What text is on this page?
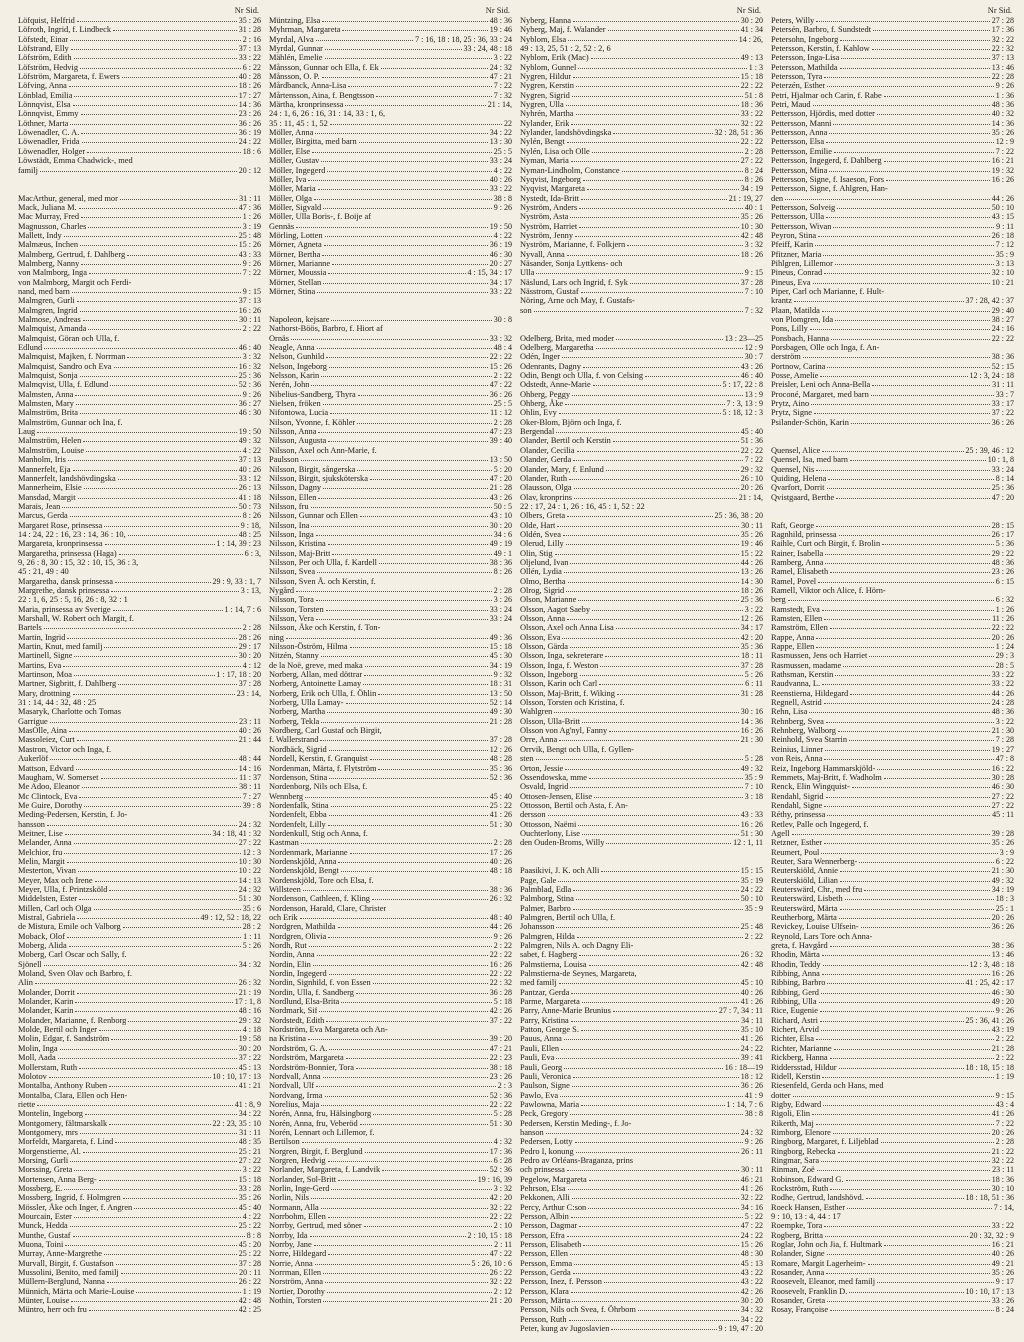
Nr Sid.
Löfquist, Helfrid	35 : 26
Löfroth, Ingrid, f. Lindbeck	31 : 28
Löfstedt, Einar	2 : 16
Löfstrand, Elly	37 : 13
Löfström, Edith	33 : 22
Löfström, Hedvig	6 : 22
Löfström, Margareta, f. Ewers	40 : 28
Löfving, Anna	18 : 26
Lönblad, Emilia	17 : 27
Lönnqvist, Elsa	14 : 36
Lönnqvist, Emmy	23 : 26
Löthner, Marta	36 : 26
Löwenadler, C. A.	36 : 19
Löwenadler, Frida	24 : 22
Löwenadler, Holger	18 : 6
Löwstädt, Emma Chadwick-, med
familj	20 : 12
MacArthur, general, med mor	31 : 11
Mack, Juliana M.	47 : 36
Mac Murray, Fred	1 : 26
Magnusson, Charles	3 : 19
Mallett, Indy	25 : 48
Malmæus, Inchen	15 : 26
Malmberg, Gertrud, f. Dahlberg	43 : 33
Malmberg, Nanny	9 : 26
von Malmborg, Inga	7 : 22
von Malmborg, Margit och Ferdi-
nand, med barn	9 : 15
Malmgren, Gurli	37 : 13
Malmgren, Ingrid	16 : 26
Malmose, Andreas	30 : 11
Malmquist, Amanda	2 : 22
Malmquist, Göran och Ulla, f.
Edlund	46 : 40
Malmquist, Majken, f. Norrman	3 : 32
Malmquist, Sandro och Eva	16 : 32
Malmquist, Sonja	25 : 36
Malmqvist, Ulla, f. Edlund	52 : 36
Malmsten, Anna	9 : 26
Malmsten, Mary	36 : 27
Malmström, Brita	46 : 30
Malmström, Gunnar och Ina, f.
Laug	19 : 50
Malmström, Helen	49 : 32
Malmström, Louise	4 : 22
Manholm, Iris	37 : 13
Mannerfelt, Eja	40 : 26
Mannerfelt, landshövdingska	33 : 12
Mannerheim, Elsie	26 : 13
Mansdad, Margit	41 : 18
Marais, Jean	50 : 73
Marcus, Gerda	8 : 26
Margaret Rose, prinsessa	9 : 18,
14 : 24, 22 : 16, 23 : 14, 36 : 10,	48 : 25
Margareta, kronprinsessa	1 : 14, 39 : 23
Margaretha, prinsessa (Haga)	6 : 3,
9, 26 : 8, 30 : 15, 32 : 10, 15, 36 : 3,
45 : 21, 49 : 40
Margaretha, dansk prinsessa	29 : 9, 33 : 1, 7
Margrethe, dansk prinsessa	3 : 13,
22 : 1, 6, 25 : 5, 16, 26 : 8, 32 : 1
Maria, prinsessa av Sverige	1 : 14, 7 : 6
Marshall, W. Robert och Margit, f.
Bartels	2 : 28
Martin, Ingrid	28 : 26
Martin, Knut, med familj	29 : 17
Martinell, Signe	30 : 20
Martins, Eva	4 : 12
Martinson, Moa	1 : 17, 18 : 20
Martner, Sigbritt, f. Dahlberg	37 : 28
Mary, drottning	23 : 14,
31 : 14, 44 : 32, 48 : 25
Masaryk, Charlotte och Tomas
Garrigue	23 : 11
MasOlle, Aina	40 : 26
Massoleiez, Curt	21 : 44
Mastron, Victor och Inga, f.
Aukerlöf	48 : 44
Mattson, Edvard	14 : 16
Maugham, W. Somerset	11 : 37
Me Adoo, Eleanor	38 : 11
Mc Clintock, Eva	7 : 27
Me Guire, Dorothy	39 : 8
Meding-Pedersen, Kerstin, f. Jo-
hansson	24 : 32
Meitner, Lise	34 : 18, 41 : 32
Melander, Anna	27 : 22
Melchior, fru	12 : 3
Melin, Margit	10 : 30
Mesterton, Vivan	10 : 22
Meyer, Max och Irene	14 : 13
Meyer, Ulla, f. Printzsköld	24 : 32
Middelsten, Ester	51 : 30
Millen, Carl och Olga	35 : 6
Mistral, Gabriela	49 : 12, 52 : 18, 22
de Mistura, Emile och Valborg	28 : 2
Moback, Olof	1 : 11
Moberg, Alida	5 : 26
Moberg, Carl Oscar och Sally, f.
Sjönell	34 : 32
Moland, Sven Olav och Barbro, f.
Alin	26 : 32
Molander, Dorrit	21 : 19
Molander, Karin	17 : 1, 8
Molander, Karin	48 : 16
Molander, Marianne, f. Renborg	29 : 32
Molde, Bertil och Inger	4 : 18
Molin, Edgar, f. Sandström	19 : 58
Molin, Inga	30 : 20
Moll, Aada	37 : 22
Mollerstam, Ruth	45 : 13
Molotov	10 : 10, 17 : 13
Montalba, Anthony Ruben	41 : 21
Montalba, Clara, Ellen och Hen-
riette	41 : 8, 9
Montelin, Ingeborg	34 : 22
Montgomery, fältmarskalk	22 : 23, 35 : 10
Montgomery, mrs	31 : 11
Morfeldt, Margareta, f. Lind	48 : 35
Morgenstierne, Al.	25 : 21
Morsing, Gurli	27 : 22
Morssing, Greta	3 : 22
Mortensen, Anna Berg-	15 : 18
Mossberg, E.	33 : 28
Mossberg, Ingrid, f. Holmgren	35 : 26
Mössler, Åke och Inger, f. Angren	45 : 40
Mourcain, Ester	4 : 22
Munck, Hedda	25 : 22
Munthe, Gustaf	8 : 8
Muona, Toini	45 : 20
Murray, Anne-Margrethe	25 : 22
Murvall, Birgit, f. Gustafson	37 : 28
Mussolini, Benito, med familj	20 : 11
Müllern-Berglund, Nanna	26 : 22
Münnich, Märta och Marie-Louise	1 : 19
Münter, Louise	42 : 48
Müntro, herr och fru	42 : 25
Nr Sid.
Müntzing, Elsa	48 : 36
Myhrman, Margareta	19 : 46
Myrdal, Alva	7 : 16, 18 : 18, 25 : 36, 33 : 24
Myrdal, Gunnar	33 : 24, 48 : 18
Mählén, Emelie	3 : 22
Månsson, Gunnar och Ella, f. Ek	24 : 32
Månsson, O. P.	47 : 21
Mårdbanck, Anna-Lisa	7 : 22
Mårtensson, Aina, f. Bengtsson	7 : 32
Märtha, kronprinsessa	21 : 14,
24 : 1, 6, 26 : 16, 31 : 14, 33 : 1, 6,
35 : 11, 45 : 1, 52	22
Möller, Anna	34 : 22
Möller, Birgitta, med barn	13 : 30
Möller, Else	25 : 5
Möller, Gustav	33 : 24
Möller, Ingegerd	4 : 22
Möller, Iva	40 : 26
Möller, Maria	33 : 22
Möller, Olga	38 : 8
Möller, Sigvald	9 : 26
Möller, Ulla Boris-, f. Boije af
Gennäs	19 : 50
Mörling, Lotten	4 : 22
Mörner, Agneta	36 : 19
Mörner, Bertha	46 : 30
Mörner, Marianne	20 : 27
Mörner, Moussia	4 : 15, 34 : 17
Mörner, Stellan	34 : 17
Mörner, Stina	33 : 22
Napoleon, kejsare	30 : 8
Nathorst-Böös, Barbro, f. Hiort af
Ornäs	33 : 32
Neagle, Anna	48 : 4
Nelson, Gunhild	22 : 22
Nelson, Ingeborg	15 : 26
Nelsson, Karin	2 : 22
Nerén, John	47 : 22
Nibelius-Sandberg, Thyra	36 : 26
Nielsen, fröken	25 : 5
Nifontowa, Lucia	11 : 12
Nilson, Yvonne, f. Köhler	2 : 28
Nilsson, Anna	47 : 23
Nilsson, Augusta	39 : 40
Nilsson, Axel och Ann-Marie, f.
Paulsson	13 : 50
Nilsson, Birgit, sångerska	5 : 20
Nilsson, Birgit, sjuksköterska	47 : 20
Nilsson, Dagny	21 : 28
Nilsson, Ellen	43 : 26
Nilsson, fru	50 : 5
Nilsson, Gunnar och Ellen	43 : 10
Nilsson, Ina	30 : 20
Nilsson, Inga	34 : 6
Nilsson, Kristina	49 : 19
Nilsson, Maj-Britt	49 : 1
Nilsson, Per och Ulla, f. Kardell	38 : 36
Nilsson, Svea	8 : 26
Nilsson, Sven Å. och Kerstin, f.
Nygård	2 : 28
Nilsson, Tora	3 : 26
Nilsson, Torsten	33 : 24
Nilsson, Vera	33 : 24
Nilsson, Åke och Kerstin, f. Ton-
ning	49 : 36
Nilsson-Öström, Hilma	15 : 18
Nitzén, Stanny	45 : 30
de la Noë, greve, med maka	34 : 19
Norberg, Allan, med döttrar	9 : 32
Norberg, Antoinette Lamay	18 : 31
Norberg, Erik och Ulla, f. Öhlin	13 : 50
Norberg, Ulla Lamay-	52 : 14
Norberg, Martha	49 : 30
Norberg, Tekla	21 : 28
Nordberg, Carl Gustaf och Birgit,
f. Wallerstrand	37 : 28
Nordbäck, Sigrid	12 : 26
Nordell, Kerstin, f. Granquist	48 : 28
Nordenman, Märta, f. Flytström	35 : 36
Nordenson, Stina	52 : 36
Nordenborg, Nils och Elsa, f.
Wennberg	45 : 40
Nordenfalk, Stina	25 : 22
Nordenfelt, Ebba	41 : 26
Nordenfelt, Lilly	51 : 30
Nordenkull, Stig och Anna, f.
Kastman	2 : 28
Nordenmark, Marianne	17 : 26
Nordenskjöld, Anna	40 : 26
Nordenskjöld, Bengt	48 : 18
Nordenskjöld, Tore och Elsa, f.
Willsteen	38 : 36
Nordenson, Cathleen, f. Kling	26 : 32
Nordenson, Harald, Clare, Christer
och Erik	48 : 40
Nordgren, Mathilda	44 : 26
Nordgren, Olivia	9 : 26
Nordh, Rut	2 : 22
Nordin, Anna	22 : 22
Nordin, Elin	16 : 26
Nordin, Ingegerd	22 : 22
Nordin, Signhild, f. von Essen	22 : 32
Nordin, Ulla, f. Sandberg	36 : 28
Nordlund, Elsa-Brita	5 : 18
Nordmark, Sif	42 : 26
Nordstedt, Edith	37 : 22
Nordström, Eva Margareta och An-
na Kristina	39 : 20
Nordström, G. A.	47 : 21
Nordström, Margareta	22 : 23
Nordström-Bonnier, Tora	38 : 18
Nordvall, Anna	23 : 26
Nordvall, Ulf	2 : 3
Nordvang, Irma	52 : 36
Norelius, Maja	22 : 22
Norén, Anna, fru, Hälsingborg	5 : 28
Norén, Anna, fru, Veberöd	51 : 30
Norén, Lennart och Lillemor, f.
Bertilson	4 : 32
Norgren, Birgit, f. Berglund	17 : 36
Norgren, Hedvig	6 : 28
Norlander, Margareta, f. Landvik	52 : 36
Norlander, Sol-Britt	19 : 16, 39
Norlin, Inge-Gerd	3 : 32
Norlin, Nils	42 : 20
Normann, Alla	32 : 22
Norrbohm, Ellen	22 : 22
Norrby, Gertrud, med söner	2 : 10
Norrby, Ida	2 : 10, 15 : 18
Norrby, Jane	2 : 11
Norre, Hildegard	47 : 22
Norrie, Anna	5 : 26, 10 : 6
Norrman, Ellen	26 : 22
Norström, Anna	32 : 22
Nortier, Dorothy	2 : 12
Nothin, Torsten	21 : 20
Nr Sid.
Nyberg, Hanna	30 : 20
Nyberg, Maj, f. Walander	41 : 34
Nyblom, Elsa	14 : 26,
49 : 13, 25, 51 : 2, 52 : 2, 6
Nyblom, Erik (Mac)	49 : 13
Nyblom, Gunnel	1 : 3
Nygren, Hildur	15 : 18
Nygren, Kerstin	22 : 22
Nygren, Sigrid	51 : 8
Nygren, Ulla	18 : 36
Nyhrén, Martha	33 : 22
Nylander, Erik	32 : 22
Nylander, landshövdingska	32 : 28, 51 : 36
Nylén, Bengt	22 : 22
Nylén, Lisa och Olle	2 : 28
Nyman, Maria	27 : 22
Nyman-Lindholm, Constance	8 : 24
Nyqvist, Ingeborg	8 : 26
Nyqvist, Margareta	34 : 19
Nystedt, Ida-Britt	21 : 19, 27
Nyström, Anders	40 : 1
Nyström, Asta	35 : 26
Nyström, Harriet	10 : 30
Nyström, Jenny	42 : 48
Nyström, Marianne, f. Folkjern	3 : 32
Nyvall, Anna	18 : 26
Näsander, Sonja Lyttkens- och
Ulla	9 : 15
Näslund, Lars och Ingrid, f. Syk	37 : 28
Nässtrom, Gustaf	7 : 10
Nöring, Arne och May, f. Gustafs-
son	7 : 32
Odelberg, Brita, med moder	13 : 23—25
Odelberg, Margaretha	12 : 9
Odén, Inger	30 : 7
Odenrants, Dagny	43 : 26
Odin, Bengt och Ulla, f. von Celsing	46 : 40
Odstedt, Anne-Marie	5 : 17, 22 : 8
Ohberg, Peggy	13 : 9
Ohberg, Åke	7 : 3, 13 : 9
Ohlin, Evy	5 : 18, 12 : 3
Oker-Blom, Björn och Inga, f.
Bergendal	45 : 40
Olander, Bertil och Kerstin	51 : 36
Olander, Cecilia	22 : 22
Olander, Gerda	7 : 22
Olander, Mary, f. Enlund	29 : 32
Olander, Ruth	26 : 10
Olausson, Olga	20 : 26
Olav, kronprins	21 : 14,
22 : 17, 24 : 1, 26 : 16, 45 : 1, 52 : 22
Olbers, Greta	25 : 36, 38 : 20
Olde, Hart	30 : 11
Oldén, Svea	35 : 26
Olerud, Lilly	19 : 46
Olin, Stig	15 : 22
Oljelund, Ivan	44 : 26
Ollén, Lydia	13 : 26
Olmo, Bertha	14 : 30
Olrog, Sigrid	18 : 26
Olson, Marianne	25 : 36
Olsson, Aagot Saeby	3 : 22
Olsson, Anna	12 : 26
Olsson, Axel och Anna Lisa	34 : 17
Olsson, Eva	42 : 20
Olsson, Gärda	35 : 36
Olsson, Inga, sekreterare	18 : 11
Olsson, Inga, f. Weston	37 : 28
Olsson, Ingeborg	5 : 26
Olsson, Karin och Carl	6 : 11
Olsson, Maj-Britt, f. Wiking	31 : 28
Olsson, Torsten och Kristina, f.
Wahlgren	30 : 16
Olsson, Ulla-Britt	14 : 36
Olsson von Ag'nyl, Fanny	16 : 26
Orre, Anna	21 : 30
Orrvik, Bengt och Ulla, f. Gyllen-
sten	5 : 28
Orton, Jessie	49 : 32
Ossendowska, mme	35 : 9
Osvald, Ingrid	7 : 10
Ottosen-Jensen, Elise	3 : 18
Ottosson, Bertil och Asta, f. An-
dersson	43 : 33
Ottosson, Naëmi	16 : 26
Ouchterlony, Lise	51 : 30
den Ouden-Broms, Willy	12 : 1, 11
Paasikivi, J. K. och Alli	15 : 15
Page, Gale	35 : 19
Palmblad, Edla	24 : 22
Palmborg, Stina	50 : 10
Palmer, Barbro	35 : 9
Palmgren, Bertil och Ulla, f.
Johansson	25 : 48
Palmgren, Hilda	2 : 22
Palmgren, Nils A. och Dagny Eli-
sabet, f. Hagberg	26 : 32
Palmstierna, Louisa	42 : 48
Palmstierna-de Seynes, Margareta,
med familj	45 : 10
Pantzar, Gerda	40 : 26
Parme, Margareta	41 : 26
Parry, Anne-Marie Brunius	27 : 7, 34 : 11
Parry, Kristina	34 : 11
Patton, George S.	35 : 10
Pauus, Anna	41 : 26
Pauli, Ellen	24 : 22
Pauli, Eva	39 : 41
Pauli, Georg	16 : 18—19
Pauli, Veronica	18 : 12
Paulson, Signe	36 : 26
Pawlo, Eva	41 : 9
Pawlowna, Maria	1 : 14, 7 : 6
Peck, Gregory	38 : 8
Pedersen, Kerstin Meding-, f. Jo-
hanson	24 : 32
Pedersen, Lotty	9 : 26
Pedro I, konung	26 : 11
Pedro av Orléans-Braganza, prins
och prinsessa	30 : 11
Pegelow, Margareta	46 : 21
Pehrson, Elsa	41 : 26
Pekkonen, Alli	32 : 22
Percy, Arthur C:son	34 : 16
Persson, Albin	5 : 22
Persson, Dagmar	47 : 22
Persson, Efra	24 : 22
Persson, Elisabeth	15 : 26
Persson, Ellen	48 : 30
Persson, Emma	45 : 13
Persson, Gerda	43 : 22
Persson, Inez, f. Persson	43 : 22
Persson, Klara	42 : 26
Persson, Märta	30 : 20
Persson, Nils och Svea, f. Öhrbom	34 : 32
Persson, Ruth	34 : 22
Peter, kung av Jugoslavien	9 : 19, 47 : 20
Nr Sid.
Peters, Willy	27 : 28
Petersén, Barbro, f. Sundstedt	17 : 36
Petersohn, Ingeborg	32 : 22
Petersson, Kerstin, f. Kahlow	22 : 32
Petersson, Inga-Lisa	37 : 13
Petersson, Mathilda	13 : 46
Petersson, Tyra	22 : 28
Peterzén, Esther	9 : 26
Petri, Hjalmar och Carin, f. Rabe	1 : 36
Petri, Maud	48 : 36
Pettersson, Hjördis, med dotter	40 : 32
Pettersson, Manni	14 : 36
Pettersson, Anna	35 : 26
Pettersson, Elsa	12 : 9
Pettersson, Emilie	7 : 22
Pettersson, Ingegerd, f. Dahlberg	16 : 21
Pettersson, Mina	19 : 32
Pettersson, Signe, f. Isaeson, Fors	16 : 26
Pettersson, Signe, f. Ahlgren, Han-
den	44 : 26
Pettersson, Solveig	50 : 10
Pettersson, Ulla	43 : 15
Pettersson, Wivan	9 : 11
Peyron, Stina	26 : 18
Pfeiff, Karin	7 : 12
Pfitzner, Maria	35 : 9
Pihlgren, Lillemor	3 : 13
Pineus, Conrad	32 : 10
Pineus, Eva	10 : 21
Piper, Carl och Marianne, f. Hult-
krantz	37 : 28, 42 : 37
Plaan, Matilda	29 : 40
von Plomgren, Ida	38 : 27
Pons, Lilly	24 : 16
Ponsbach, Hanna	22 : 22
Porsbagen, Olle och Inga, f. An-
derström	38 : 36
Portnow, Carina	52 : 15
Posse, Amelie	12 : 3, 24 : 18
Preisler, Leni och Anna-Bella	31 : 11
Proconé, Margaret, med barn	33 : 7
Prytz, Aino	33 : 17
Prytz, Signe	37 : 22
Psilander-Schön, Karin	36 : 26
Quensel, Alice	25 : 39, 46 : 12
Quensel, Isa, med barn	10 : 1, 8
Quensel, Nis	33 : 24
Quiding, Helena	8 : 14
Qvarfort, Dorrit	25 : 36
Qvistgaard, Berthe	47 : 20
Raft, George	28 : 15
Ragnhild, prinsessa	26 : 17
Raihle, Curt och Birgit, f. Brolin	5 : 36
Rainer, Isabella	29 : 22
Ramberg, Anna	48 : 36
Ramel, Elisabeth	23 : 26
Ramel, Povel	6 : 15
Ramell, Viktor och Alice, f. Hörn-
berg	6 : 32
Ramstedt, Eva	1 : 26
Ramsten, Ellen	11 : 26
Ramström, Ellen	22 : 22
Rappe, Anna	20 : 26
Rappe, Ellen	1 : 24
Rasmussen, Jens och Harriet	29 : 3
Rasmussen, madame	28 : 5
Rathsman, Kerstin	33 : 22
Raudvanna, L.	33 : 22
Reenstierna, Hildegard	44 : 26
Regnell, Astrid	24 : 28
Rehn, Lisa	48 : 36
Rehnberg, Svea	3 : 22
Rehnberg, Walborg	21 : 30
Reinhold, Svea Starrin	7 : 28
Reinius, Linner	19 : 27
von Reis, Anna	47 : 8
Reiz, Ingeborg Hammarskjöld-	16 : 22
Remmets, Maj-Britt, f. Wadholm	30 : 28
Renck, Elin Wingquist-	46 : 30
Rendahl, Sigrid	27 : 22
Rendahl, Signe	27 : 22
Réthy, prinsessa	45 : 11
Retlev, Palle och Ingegerd, f.
Agell	39 : 28
Retzner, Esther	35 : 26
Reumert, Poul	3 : 9
Reuter, Sara Wennerberg-	6 : 22
Reuterskiöld, Annie	21 : 30
Reuterskiöld, Lilian	49 : 32
Reuterswärd, Chr., med fru	34 : 19
Reuterswärd, Lisbeth	18 : 3
Reuterswärd, Märta	25 : 1
Reutherborg, Märta	20 : 26
Revickey, Louise Ulfsein-	36 : 26
Reynold, Lars Tore och Anna-
greta, f. Havgård	38 : 36
Rhodin, Märta	13 : 46
Rhodin, Teddy	12 : 3, 48 : 18
Ribbing, Anna	16 : 26
Ribbing, Barbro	41 : 25, 42 : 17
Ribbing, Gerd	46 : 30
Ribbing, Ulla	49 : 20
Rice, Eugenie	9 : 26
Richard, Astri	25 : 36, 41 : 26
Richert, Arvid	43 : 19
Richter, Elsa	2 : 22
Richter, Marianne	21 : 28
Rickberg, Hanna	2 : 22
Riddersstad, Hildur	18 : 18, 15 : 18
Ridell, Kerstin	1 : 19
Riesenfeld, Gerda och Hans, med
dotter	9 : 15
Rigby, Edward	43 : 4
Rigoli, Elin	41 : 26
Rikerth, Maj	7 : 22
Rimborg, Elenore	20 : 26
Ringborg, Margaret, f. Liljeblad	2 : 28
Ringborg, Rebecka	21 : 22
Ringmar, Sara	32 : 22
Rinman, Zoë	23 : 11
Robinson, Edward G.	18 : 36
Rockström, Ruth	30 : 10
Rodhe, Gertrud, landshövd.	18 : 18, 51 : 36
Roeck Hansen, Esther	7 : 14,
9 : 10, 13 : 4, 44 : 17
Roempke, Tora	33 : 22
Rogberg, Britta	20 : 32, 32 : 9
Roglar, John och Jia, f. Hultmark	16 : 21
Rolander, Signe	40 : 26
Romare, Margit Lagerheim-	49 : 21
Rosander, Anna	35 : 26
Roosevelt, Eleanor, med familj	9 : 17
Roosevelt, Franklin D.	10 : 10, 17 : 13
Rosander, Greta	33 : 26
Rosay, Françoise	8 : 24
